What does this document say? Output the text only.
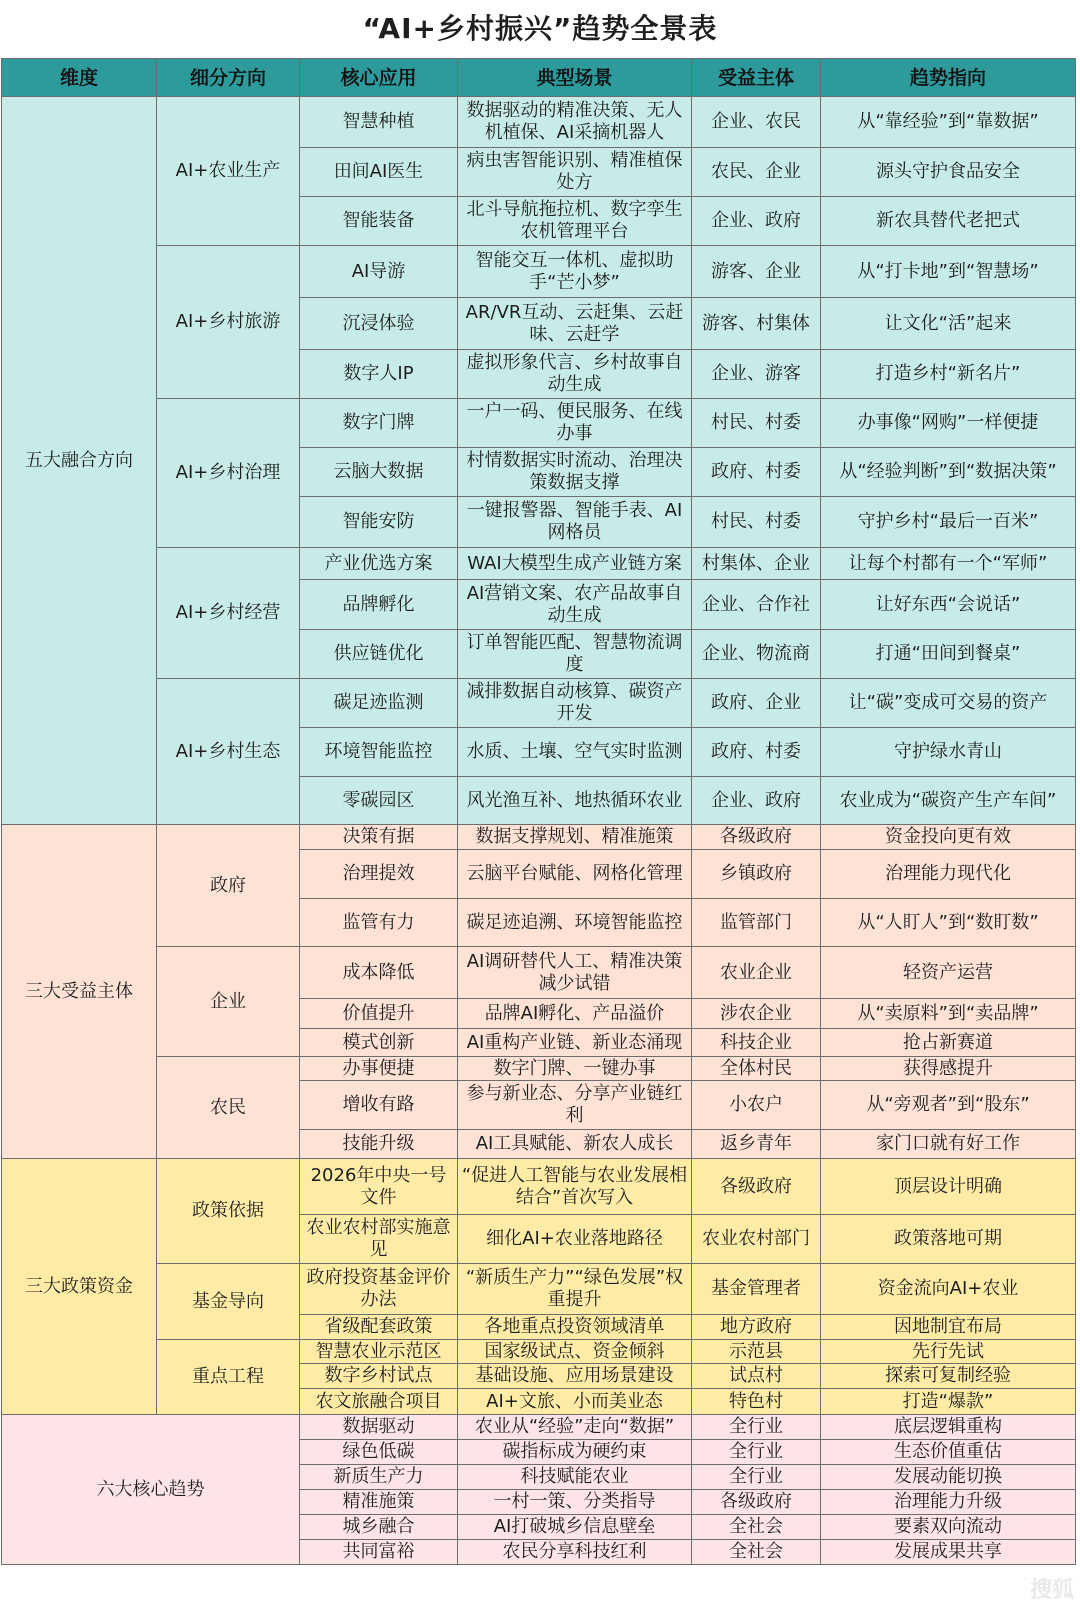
“AI+乡村振兴”趋势全景表
维度	细分方向	核心应用	典型场景	受益主体	趋势指向
五大融合方向	AI+农业生产	智慧种植	数据驱动的精准决策、无人机植保、AI采摘机器人	企业、农民	从“靠经验”到“靠数据”
		田间AI医生	病虫害智能识别、精准植保处方	农民、企业	源头守护食品安全
		智能装备	北斗导航拖拉机、数字孪生农机管理平台	企业、政府	新农具替代老把式
	AI+乡村旅游	AI导游	智能交互一体机、虚拟助手“芒小梦”	游客、企业	从“打卡地”到“智慧场”
		沉浸体验	AR/VR互动、云赶集、云赶味、云赶学	游客、村集体	让文化“活”起来
		数字人IP	虚拟形象代言、乡村故事自动生成	企业、游客	打造乡村“新名片”
	AI+乡村治理	数字门牌	一户一码、便民服务、在线办事	村民、村委	办事像“网购”一样便捷
		云脑大数据	村情数据实时流动、治理决策数据支撑	政府、村委	从“经验判断”到“数据决策”
		智能安防	一键报警器、智能手表、AI网格员	村民、村委	守护乡村“最后一百米”
	AI+乡村经营	产业优选方案	WAI大模型生成产业链方案	村集体、企业	让每个村都有一个“军师”
		品牌孵化	AI营销文案、农产品故事自动生成	企业、合作社	让好东西“会说话”
		供应链优化	订单智能匹配、智慧物流调度	企业、物流商	打通“田间到餐桌”
	AI+乡村生态	碳足迹监测	减排数据自动核算、碳资产开发	政府、企业	让“碳”变成可交易的资产
		环境智能监控	水质、土壤、空气实时监测	政府、村委	守护绿水青山
		零碳园区	风光渔互补、地热循环农业	企业、政府	农业成为“碳资产生产车间”
三大受益主体	政府	决策有据	数据支撑规划、精准施策	各级政府	资金投向更有效
		治理提效	云脑平台赋能、网格化管理	乡镇政府	治理能力现代化
		监管有力	碳足迹追溯、环境智能监控	监管部门	从“人盯人”到“数盯数”
	企业	成本降低	AI调研替代人工、精准决策减少试错	农业企业	轻资产运营
		价值提升	品牌AI孵化、产品溢价	涉农企业	从“卖原料”到“卖品牌”
		模式创新	AI重构产业链、新业态涌现	科技企业	抢占新赛道
	农民	办事便捷	数字门牌、一键办事	全体村民	获得感提升
		增收有路	参与新业态、分享产业链红利	小农户	从“旁观者”到“股东”
		技能升级	AI工具赋能、新农人成长	返乡青年	家门口就有好工作
三大政策资金	政策依据	2026年中央一号文件	“促进人工智能与农业发展相结合”首次写入	各级政府	顶层设计明确
		农业农村部实施意见	细化AI+农业落地路径	农业农村部门	政策落地可期
	基金导向	政府投资基金评价办法	“新质生产力”“绿色发展”权重提升	基金管理者	资金流向AI+农业
		省级配套政策	各地重点投资领域清单	地方政府	因地制宜布局
	重点工程	智慧农业示范区	国家级试点、资金倾斜	示范县	先行先试
		数字乡村试点	基础设施、应用场景建设	试点村	探索可复制经验
		农文旅融合项目	AI+文旅、小而美业态	特色村	打造“爆款”
六大核心趋势		数据驱动	农业从“经验”走向“数据”	全行业	底层逻辑重构
		绿色低碳	碳指标成为硬约束	全行业	生态价值重估
		新质生产力	科技赋能农业	全行业	发展动能切换
		精准施策	一村一策、分类指导	各级政府	治理能力升级
		城乡融合	AI打破城乡信息壁垒	全社会	要素双向流动
		共同富裕	农民分享科技红利	全社会	发展成果共享
搜狐
